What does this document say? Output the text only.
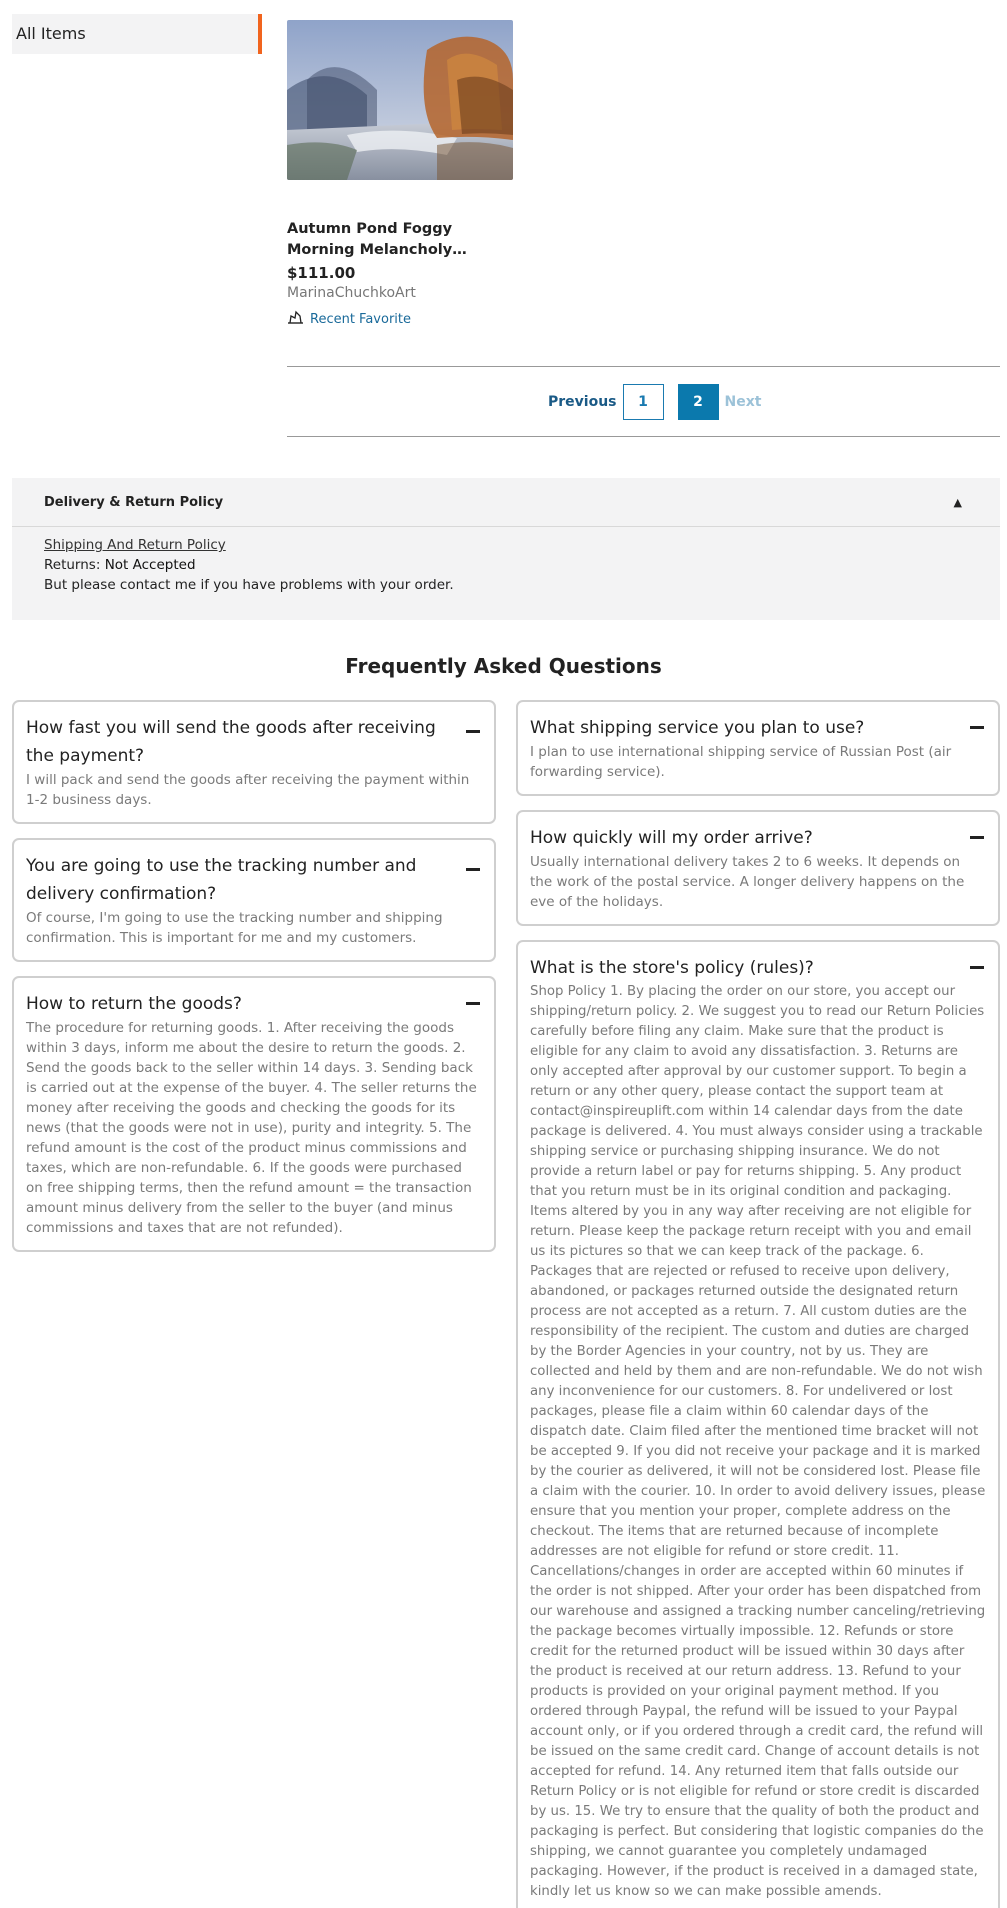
All Items
Autumn Pond Foggy Morning Melancholy
$111.00
MarinaChuchkoArt
Recent Favorite
Previous	1	2	Next
Delivery & Return Policy	▲
Shipping And Return Policy
Returns: Not Accepted
But please contact me if you have problems with your order.
Frequently Asked Questions
How fast you will send the goods after receiving the payment?
I will pack and send the goods after receiving the payment within 1-2 business days.
You are going to use the tracking number and delivery confirmation?
Of course, I'm going to use the tracking number and shipping confirmation. This is important for me and my customers.
How to return the goods?
The procedure for returning goods. 1. After receiving the goods within 3 days, inform me about the desire to return the goods. 2. Send the goods back to the seller within 14 days. 3. Sending back is carried out at the expense of the buyer. 4. The seller returns the money after receiving the goods and checking the goods for its news (that the goods were not in use), purity and integrity. 5. The refund amount is the cost of the product minus commissions and taxes, which are non-refundable. 6. If the goods were purchased on free shipping terms, then the refund amount = the transaction amount minus delivery from the seller to the buyer (and minus commissions and taxes that are not refunded).
What shipping service you plan to use?
I plan to use international shipping service of Russian Post (air forwarding service).
How quickly will my order arrive?
Usually international delivery takes 2 to 6 weeks. It depends on the work of the postal service. A longer delivery happens on the eve of the holidays.
What is the store's policy (rules)?
Shop Policy 1. By placing the order on our store, you accept our shipping/return policy. 2. We suggest you to read our Return Policies carefully before filing any claim. Make sure that the product is eligible for any claim to avoid any dissatisfaction. 3. Returns are only accepted after approval by our customer support. To begin a return or any other query, please contact the support team at contact@inspireuplift.com within 14 calendar days from the date package is delivered. 4. You must always consider using a trackable shipping service or purchasing shipping insurance. We do not provide a return label or pay for returns shipping. 5. Any product that you return must be in its original condition and packaging. Items altered by you in any way after receiving are not eligible for return. Please keep the package return receipt with you and email us its pictures so that we can keep track of the package. 6. Packages that are rejected or refused to receive upon delivery, abandoned, or packages returned outside the designated return process are not accepted as a return. 7. All custom duties are the responsibility of the recipient. The custom and duties are charged by the Border Agencies in your country, not by us. They are collected and held by them and are non-refundable. We do not wish any inconvenience for our customers. 8. For undelivered or lost packages, please file a claim within 60 calendar days of the dispatch date. Claim filed after the mentioned time bracket will not be accepted 9. If you did not receive your package and it is marked by the courier as delivered, it will not be considered lost. Please file a claim with the courier. 10. In order to avoid delivery issues, please ensure that you mention your proper, complete address on the checkout. The items that are returned because of incomplete addresses are not eligible for refund or store credit. 11. Cancellations/changes in order are accepted within 60 minutes if the order is not shipped. After your order has been dispatched from our warehouse and assigned a tracking number canceling/retrieving the package becomes virtually impossible. 12. Refunds or store credit for the returned product will be issued within 30 days after the product is received at our return address. 13. Refund to your products is provided on your original payment method. If you ordered through Paypal, the refund will be issued to your Paypal account only, or if you ordered through a credit card, the refund will be issued on the same credit card. Change of account details is not accepted for refund. 14. Any returned item that falls outside our Return Policy or is not eligible for refund or store credit is discarded by us. 15. We try to ensure that the quality of both the product and packaging is perfect. But considering that logistic companies do the shipping, we cannot guarantee you completely undamaged packaging. However, if the product is received in a damaged state, kindly let us know so we can make possible amends.
